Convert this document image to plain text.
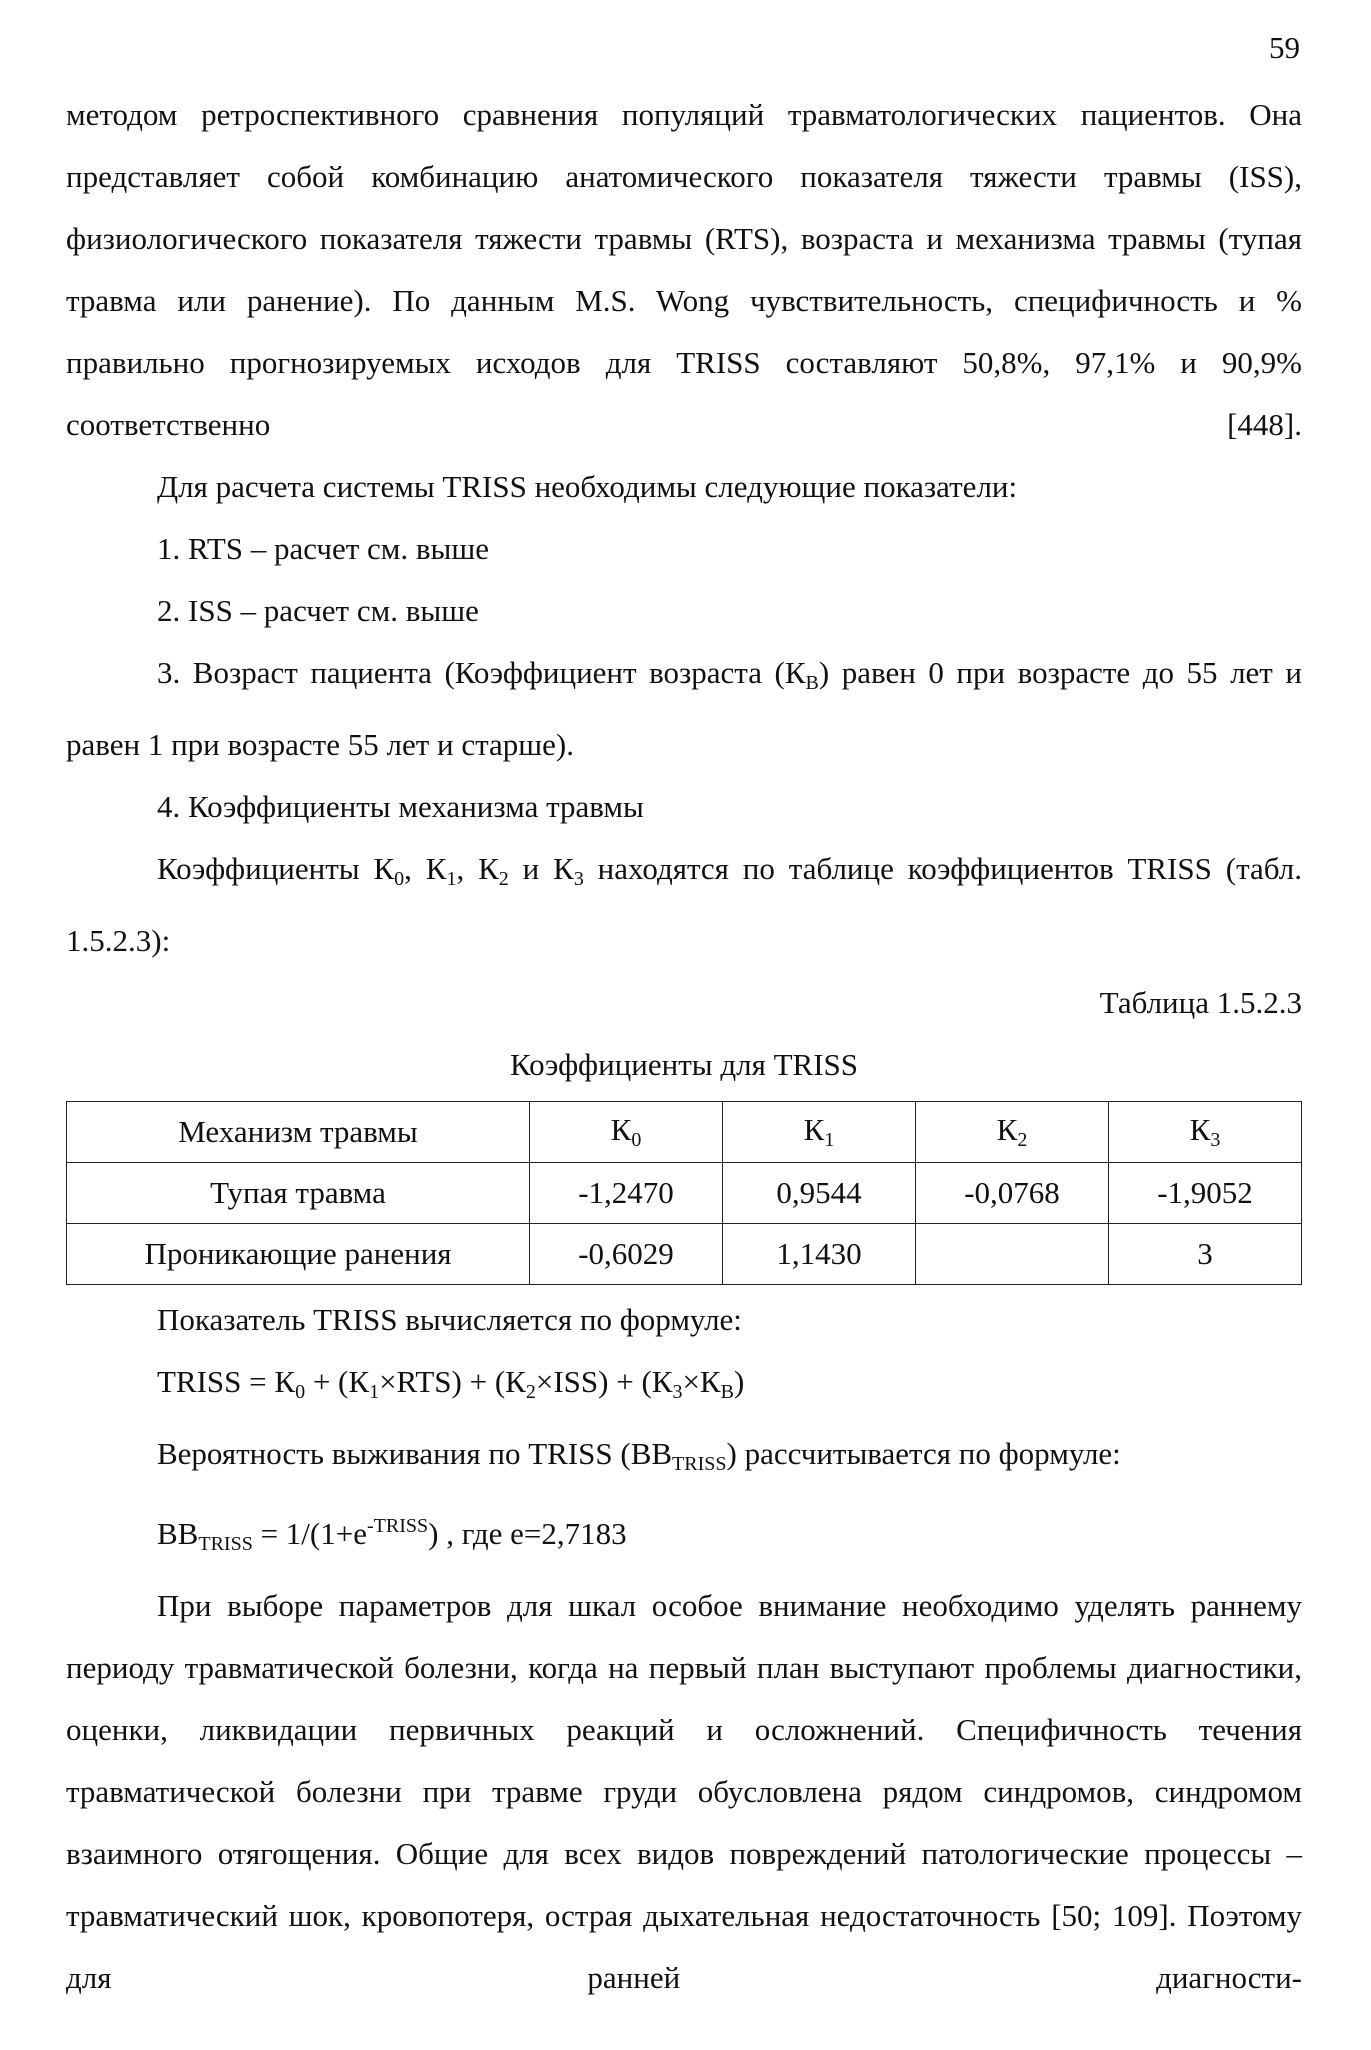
59

методом ретроспективного сравнения популяций травматологических пациентов. Она представляет собой комбинацию анатомического показателя тяжести травмы (ISS), физиологического показателя тяжести травмы (RTS), возраста и механизма травмы (тупая травма или ранение). По данным M.S. Wong чувствительность, специфичность и % правильно прогнозируемых исходов для TRISS составляют 50,8%, 97,1% и 90,9% соответственно [448].

Для расчета системы TRISS необходимы следующие показатели:

1. RTS – расчет см. выше

2. ISS – расчет см. выше

3. Возраст пациента (Коэффициент возраста $(К_В)$ равен 0 при возрасте до 55 лет и равен 1 при возрасте 55 лет и старше).

4. Коэффициенты механизма травмы

Коэффициенты $К_0$, $К_1$, $К_2$ и $К_3$ находятся по таблице коэффициентов TRISS (табл. 1.5.2.3):

Таблица 1.5.2.3

Коэффициенты для TRISS

Механизм травмы	$К_0$	$К_1$	$К_2$	$К_3$
Тупая травма	-1,2470	0,9544	-0,0768	-1,9052
Проникающие ранения	-0,6029	1,1430		3

Показатель TRISS вычисляется по формуле:

TRISS = $К_0 + (К_1\times RTS) + (К_2\times ISS) + (К_3\times К_В)$

Вероятность выживания по TRISS $(ВВ_{TRISS})$ рассчитывается по формуле:

$ВВ_{TRISS} = 1/(1+е^{-TRISS})$ , где е=2,7183

При выборе параметров для шкал особое внимание необходимо уделять раннему периоду травматической болезни, когда на первый план выступают проблемы диагностики, оценки, ликвидации первичных реакций и осложнений. Специфичность течения травматической болезни при травме груди обусловлена рядом синдромов, синдромом взаимного отягощения. Общие для всех видов повреждений патологические процессы – травматический шок, кровопотеря, острая дыхательная недостаточность [50; 109]. Поэтому для ранней диагности-
